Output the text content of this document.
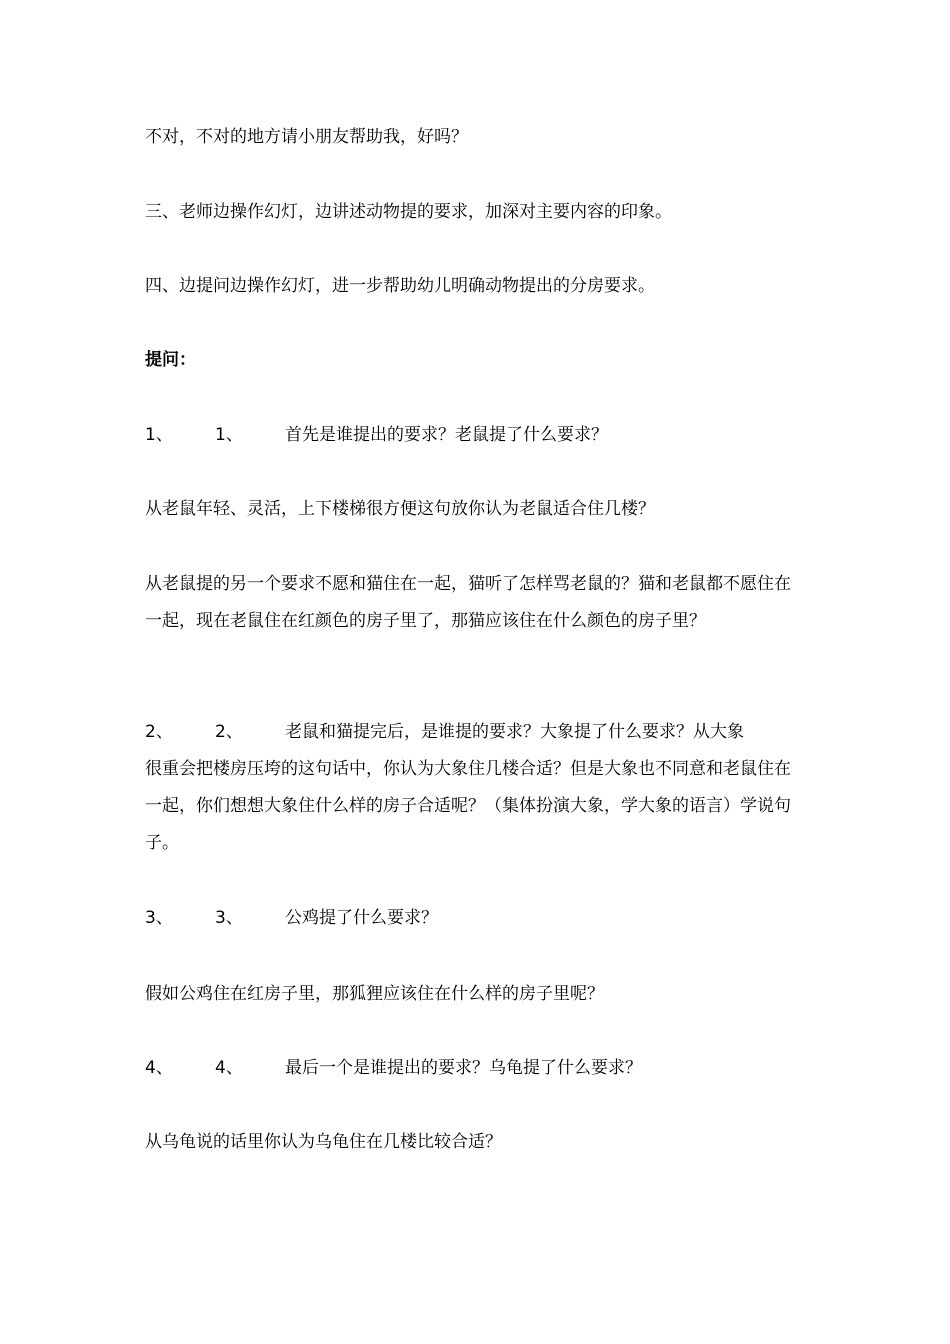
不对，不对的地方请小朋友帮助我，好吗？

三、老师边操作幻灯，边讲述动物提的要求，加深对主要内容的印象。

四、边提问边操作幻灯，进一步帮助幼儿明确动物提出的分房要求。

提问：

1、 1、 首先是谁提出的要求？老鼠提了什么要求？

从老鼠年轻、灵活，上下楼梯很方便这句放你认为老鼠适合住几楼？

从老鼠提的另一个要求不愿和猫住在一起，猫听了怎样骂老鼠的？猫和老鼠都不愿住在一起，现在老鼠住在红颜色的房子里了，那猫应该住在什么颜色的房子里？

2、 2、 老鼠和猫提完后，是谁提的要求？大象提了什么要求？从大象
很重会把楼房压垮的这句话中，你认为大象住几楼合适？但是大象也不同意和老鼠住在一起，你们想想大象住什么样的房子合适呢？（集体扮演大象，学大象的语言）学说句子。
3、 3、 公鸡提了什么要求？

假如公鸡住在红房子里，那狐狸应该住在什么样的房子里呢？

4、 4、 最后一个是谁提出的要求？乌龟提了什么要求？

从乌龟说的话里你认为乌龟住在几楼比较合适？
